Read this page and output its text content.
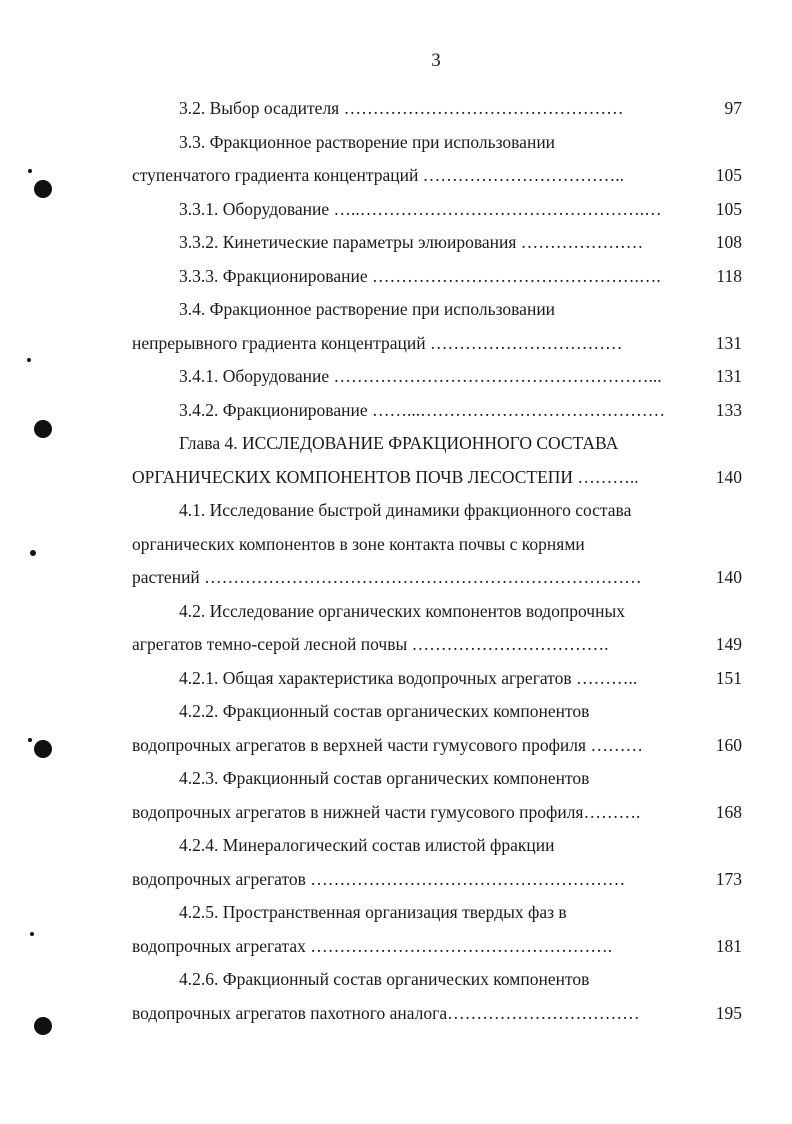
3
3.2. Выбор осадителя …………………………………………	97
3.3. Фракционное растворение при использовании
ступенчатого градиента концентраций ……………………………..	105
3.3.1. Оборудование …..………………………………………….…	105
3.3.2. Кинетические параметры элюирования …………………	108
3.3.3. Фракционирование ……………………………………….….	118
3.4. Фракционное растворение при использовании
непрерывного градиента концентраций ……………………………	131
3.4.1. Оборудование ………………………………………………...	131
3.4.2. Фракционирование ……...……………………………………	133
Глава 4. ИССЛЕДОВАНИЕ ФРАКЦИОННОГО СОСТАВА
ОРГАНИЧЕСКИХ КОМПОНЕНТОВ ПОЧВ ЛЕСОСТЕПИ ………..	140
4.1. Исследование быстрой динамики фракционного состава
органических компонентов в зоне контакта почвы с корнями
растений …………………………………………………………………	140
4.2. Исследование органических компонентов водопрочных
агрегатов темно-серой лесной почвы …………………………….	149
4.2.1. Общая характеристика водопрочных агрегатов ………..	151
4.2.2. Фракционный состав органических компонентов
водопрочных агрегатов в верхней части гумусового профиля ………	160
4.2.3. Фракционный состав органических компонентов
водопрочных агрегатов в нижней части гумусового профиля……….	168
4.2.4. Минералогический состав илистой фракции
водопрочных агрегатов ………………………………………………	173
4.2.5. Пространственная организация твердых фаз в
водопрочных агрегатах …………………………………………….	181
4.2.6. Фракционный состав органических компонентов
водопрочных агрегатов пахотного аналога……………………………	195
